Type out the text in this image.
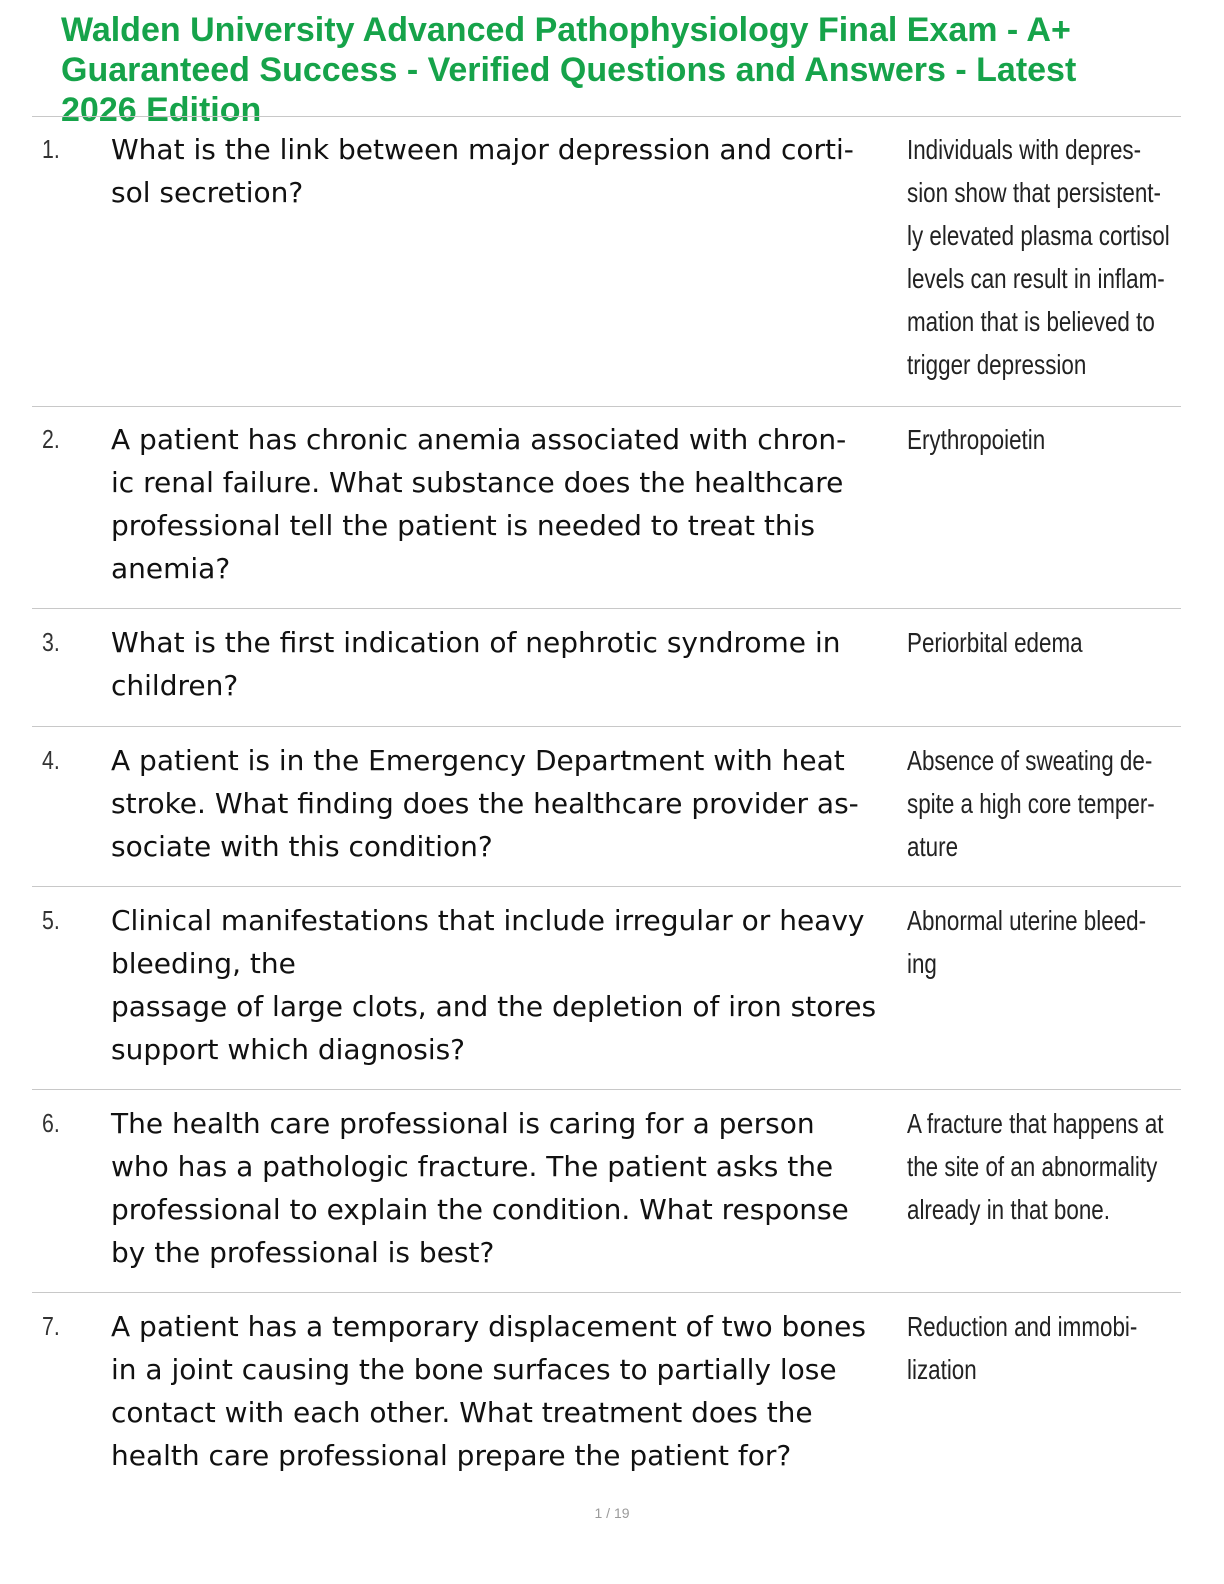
Walden University Advanced Pathophysiology Final Exam - A+
Guaranteed Success - Verified Questions and Answers - Latest
2026 Edition
1. What is the link between major depression and corti-
sol secretion?
Individuals with depres-
sion show that persistent-
ly elevated plasma cortisol
levels can result in inflam-
mation that is believed to
trigger depression
2. A patient has chronic anemia associated with chron-
ic renal failure. What substance does the healthcare
professional tell the patient is needed to treat this
anemia?
Erythropoietin
3. What is the first indication of nephrotic syndrome in
children?
Periorbital edema
4. A patient is in the Emergency Department with heat
stroke. What finding does the healthcare provider as-
sociate with this condition?
Absence of sweating de-
spite a high core temper-
ature
5. Clinical manifestations that include irregular or heavy
bleeding, the
passage of large clots, and the depletion of iron stores
support which diagnosis?
Abnormal uterine bleed-
ing
6. The health care professional is caring for a person
who has a pathologic fracture. The patient asks the
professional to explain the condition. What response
by the professional is best?
A fracture that happens at
the site of an abnormality
already in that bone.
7. A patient has a temporary displacement of two bones
in a joint causing the bone surfaces to partially lose
contact with each other. What treatment does the
health care professional prepare the patient for?
Reduction and immobi-
lization
1 / 19
